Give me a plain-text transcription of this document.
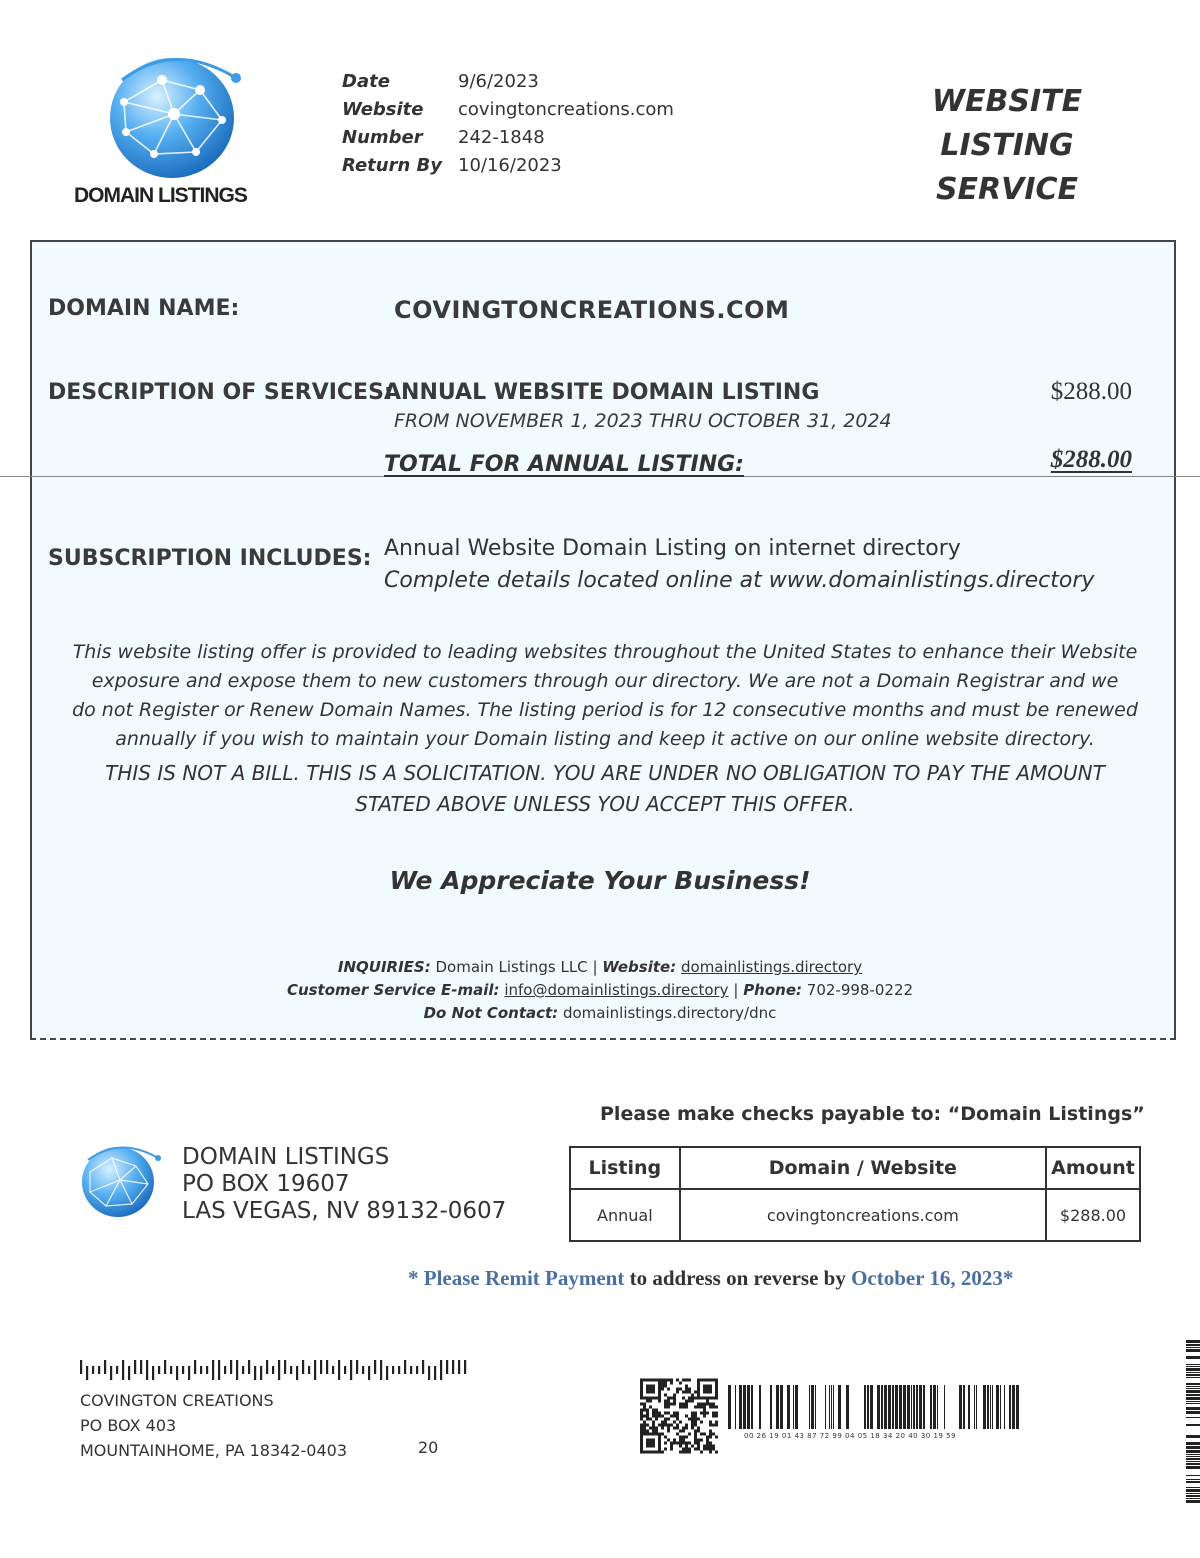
DOMAIN LISTINGS
Date	9/6/2023
Website	covingtoncreations.com
Number	242-1848
Return By 10/16/2023
WEBSITE LISTING
SERVICE
DOMAIN NAME:	COVINGTONCREATIONS.COM
DESCRIPTION OF SERVICES:
ANNUAL WEBSITE DOMAIN LISTING	$288.00
FROM NOVEMBER 1, 2023 THRU OCTOBER 31, 2024
TOTAL FOR ANNUAL LISTING:	$288.00
SUBSCRIPTION INCLUDES: Annual Website Domain Listing on internet directory
Complete details located online at www.domainlistings.directory
This website listing offer is provided to leading websites throughout the United States to enhance their Website
exposure and expose them to new customers through our directory. We are not a Domain Registrar and we
do not Register or Renew Domain Names. The listing period is for 12 consecutive months and must be renewed
annually if you wish to maintain your Domain listing and keep it active on our online website directory.
THIS IS NOT A BILL. THIS IS A SOLICITATION. YOU ARE UNDER NO OBLIGATION TO PAY THE AMOUNT
STATED ABOVE UNLESS YOU ACCEPT THIS OFFER.
We Appreciate Your Business!
INQUIRIES: Domain Listings LLC | Website: domainlistings.directory
Customer Service E-mail: info@domainlistings.directory | Phone: 702-998-0222
Do Not Contact: domainlistings.directory/dnc
Please make checks payable to: “Domain Listings”
DOMAIN LISTINGS
PO BOX 19607
LAS VEGAS, NV 89132-0607
Listing	Domain / Website	Amount
Annual	covingtoncreations.com	$288.00
* Please Remit Payment to address on reverse by October 16, 2023*
COVINGTON CREATIONS
PO BOX 403
MOUNTAINHOME, PA 18342-0403	20
00 26 19 01 43 87 72 99 04 05 18 34 20 40 30 19 59
